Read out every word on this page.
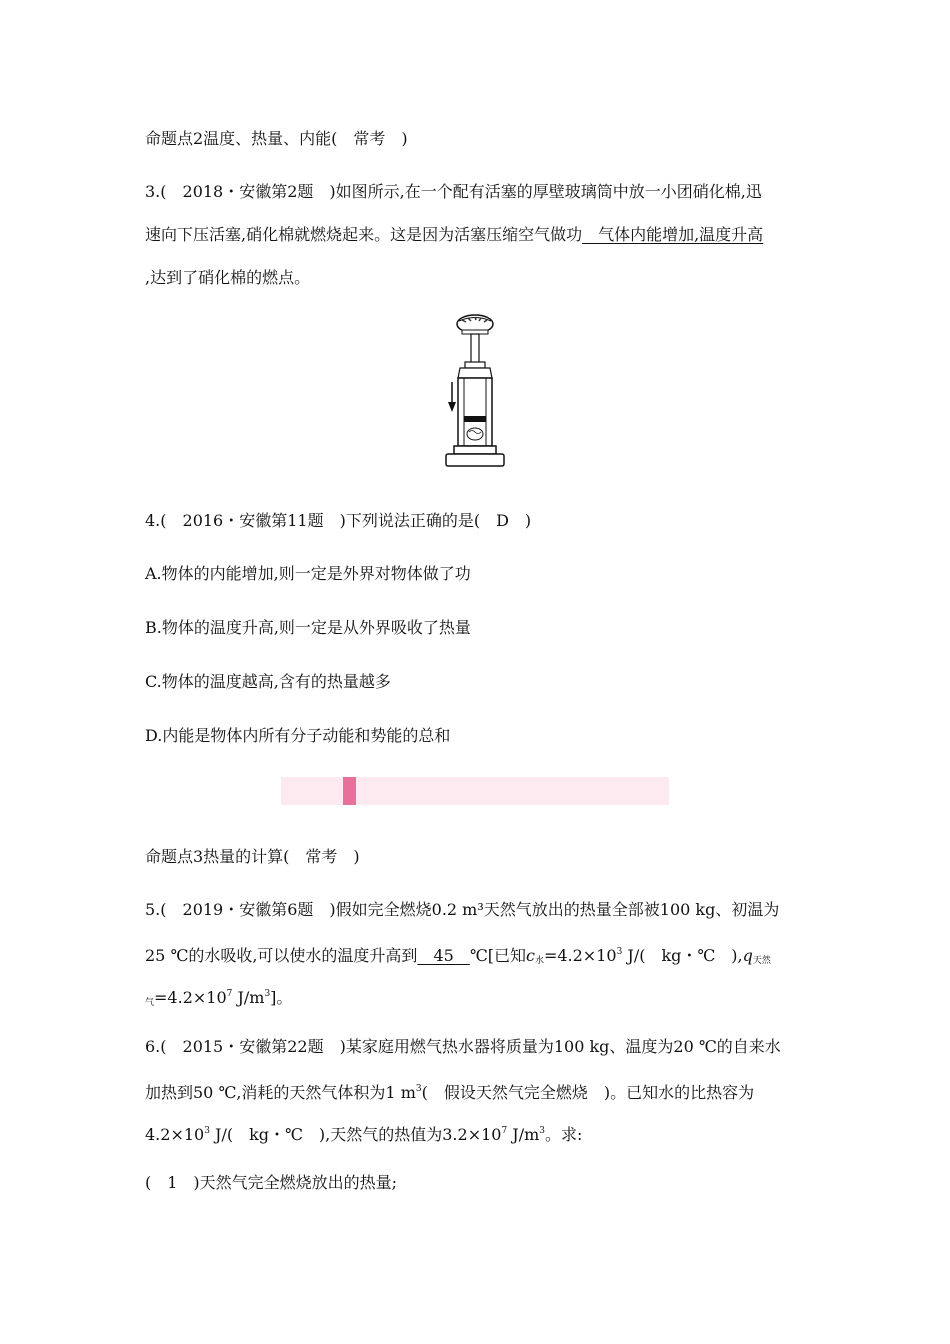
命题点2温度、热量、内能(　常考　)
3.(　2018・安徽第2题　)如图所示,在一个配有活塞的厚壁玻璃筒中放一小团硝化棉,迅
速向下压活塞,硝化棉就燃烧起来。这是因为活塞压缩空气做功　气体内能增加,温度升高
,达到了硝化棉的燃点。
4.(　2016・安徽第11题　)下列说法正确的是(　D　)
A.物体的内能增加,则一定是外界对物体做了功
B.物体的温度升高,则一定是从外界吸收了热量
C.物体的温度越高,含有的热量越多
D.内能是物体内所有分子动能和势能的总和
命题点3热量的计算(　常考　)
5.(　2019・安徽第6题　)假如完全燃烧0.2 m³天然气放出的热量全部被100 kg、初温为
25 ℃的水吸收,可以使水的温度升高到　45　℃[已知$c_水=4.2\times 10^3$ J/(　kg・℃　)$,q_{天然}$
$_气=4.2\times 10^7$ $J/m^3$]。
6.(　2015・安徽第22题　)某家庭用燃气热水器将质量为100 kg、温度为20 ℃的自来水
加热到50 ℃,消耗的天然气体积为1 $m^3$(　假设天然气完全燃烧　)。已知水的比热容为
$4.2\times 10^3$ J/(　kg・℃　),天然气的热值为$3.2\times 10^7$ $J/m^3$。求:
(　1　)天然气完全燃烧放出的热量;
